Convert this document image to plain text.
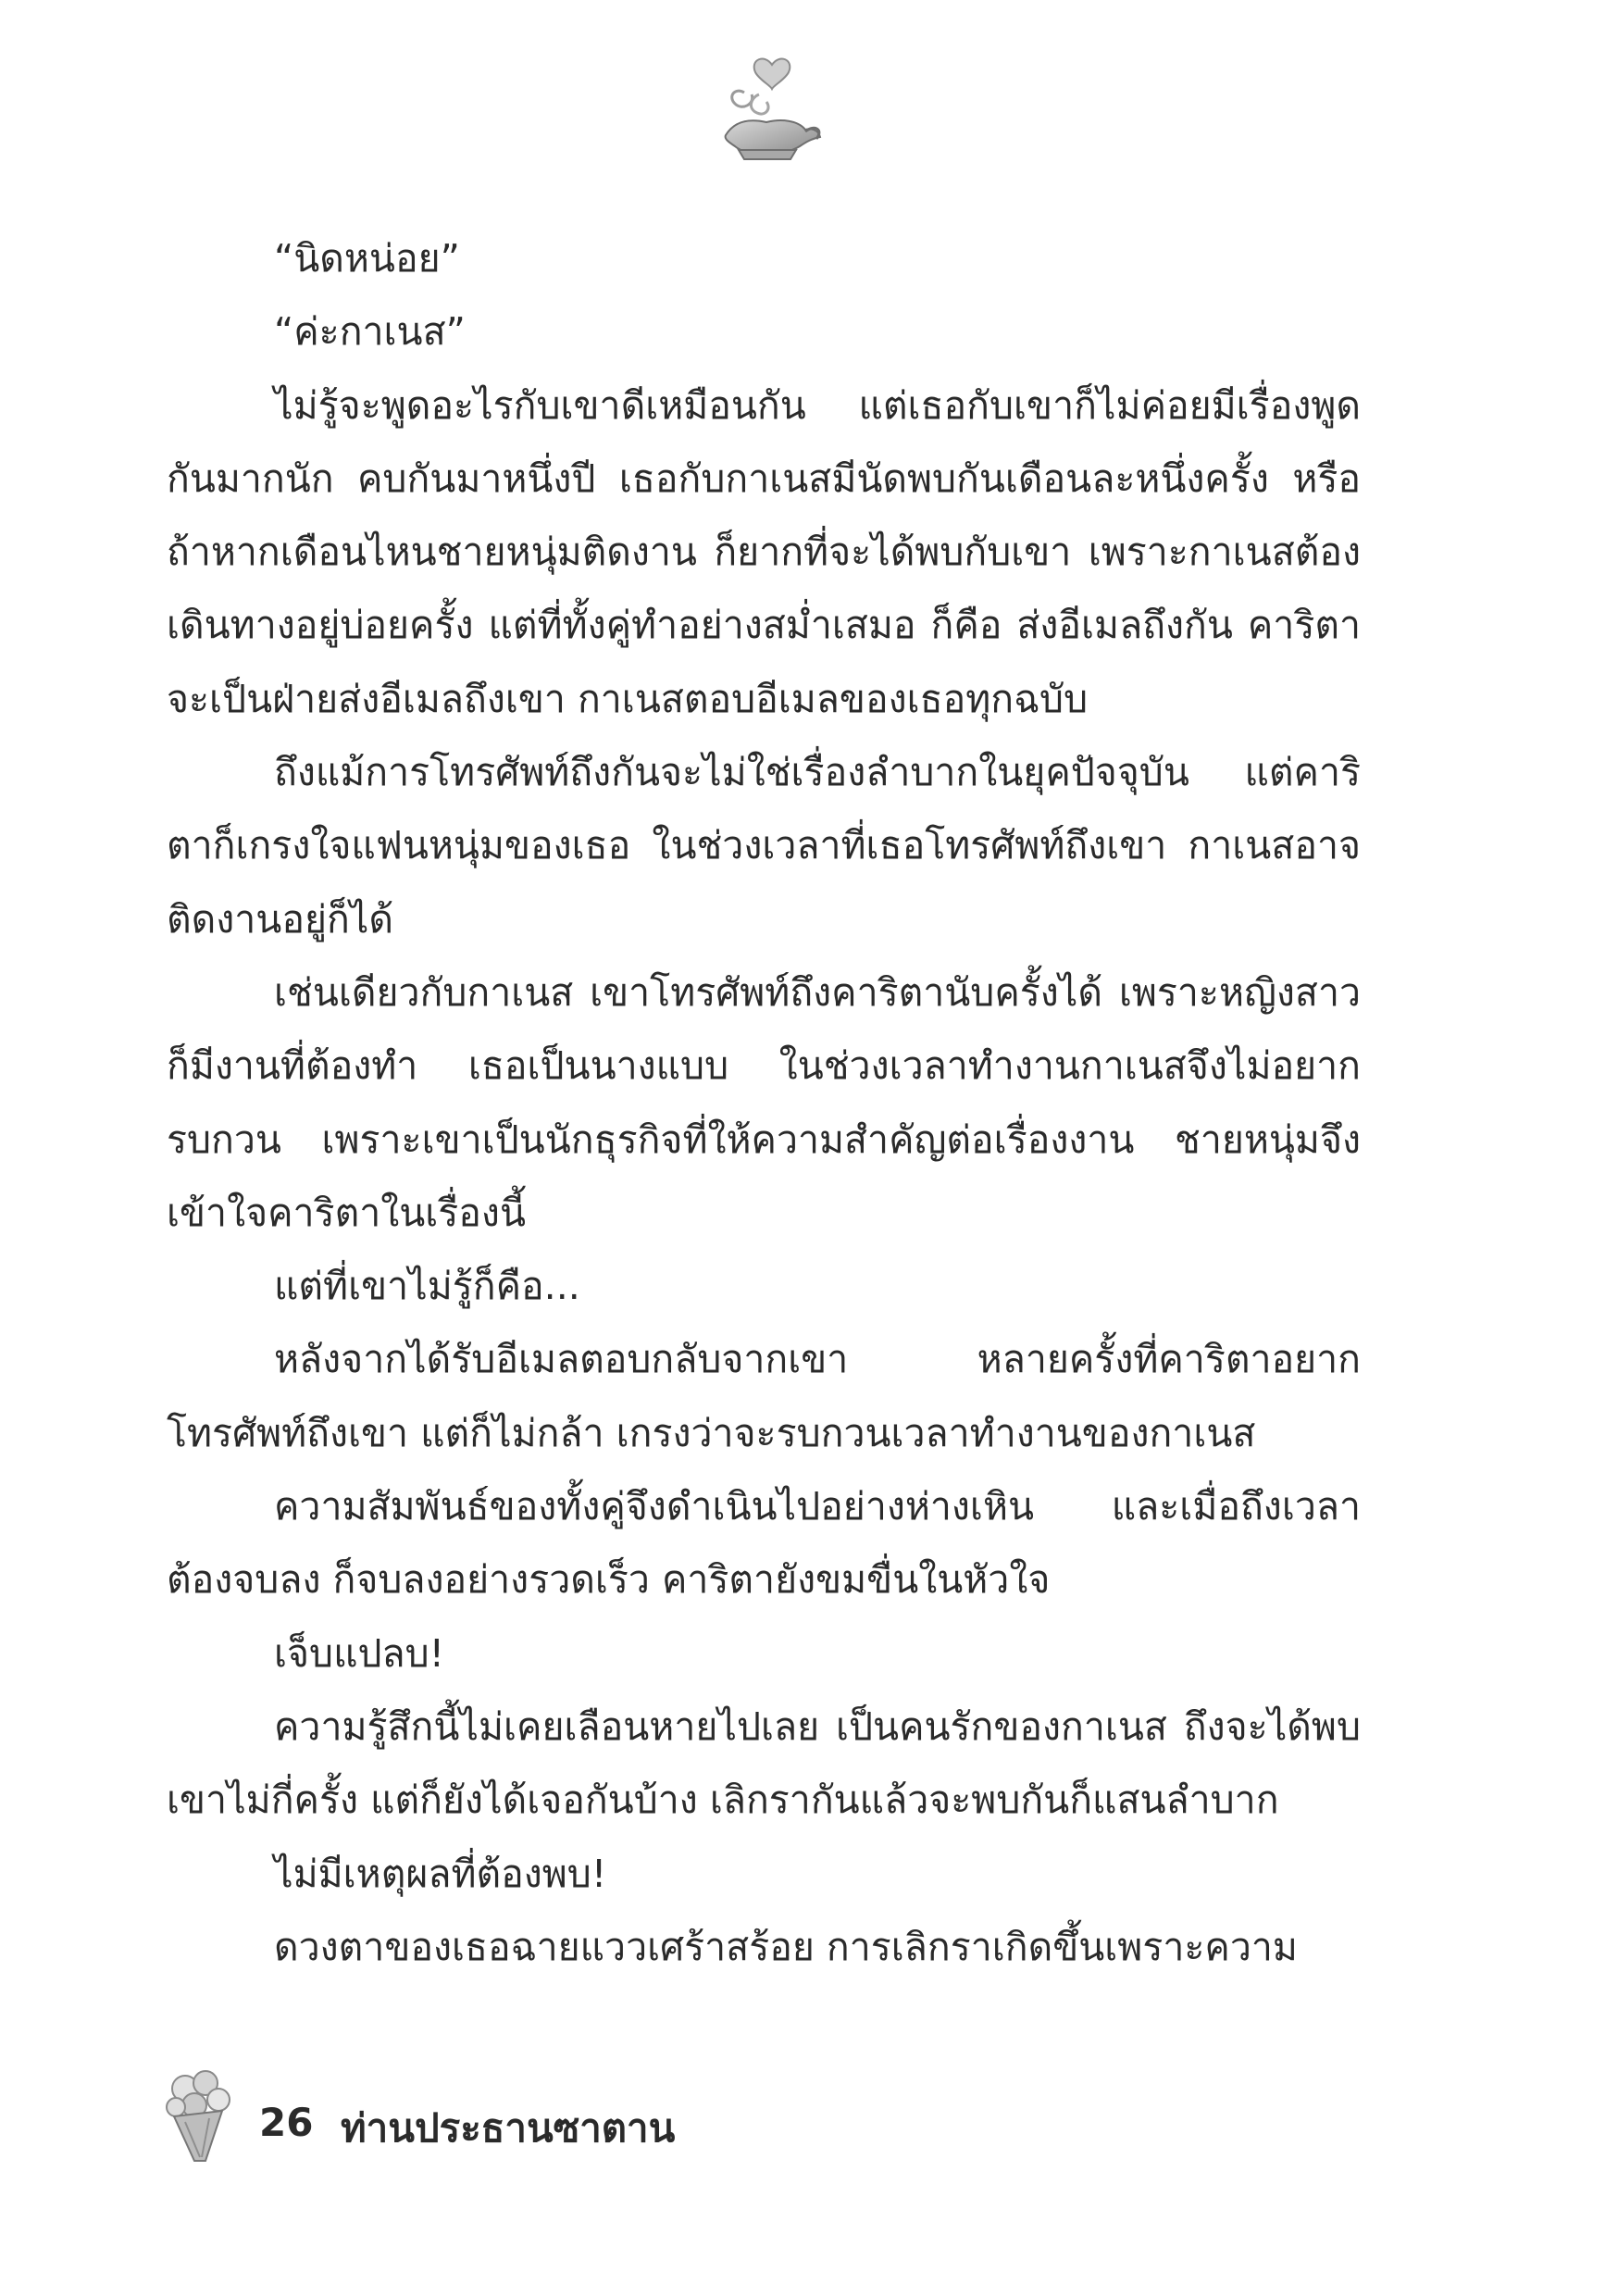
“นิดหน่อย”

“ค่ะกาเนส”

ไม่รู้จะพูดอะไรกับเขาดีเหมือนกัน แต่เธอกับเขาก็ไม่ค่อยมีเรื่องพูดกันมากนัก คบกันมาหนึ่งปี เธอกับกาเนสมีนัดพบกันเดือนละหนึ่งครั้ง หรือถ้าหากเดือนไหนชายหนุ่มติดงาน ก็ยากที่จะได้พบกับเขา เพราะกาเนสต้องเดินทางอยู่บ่อยครั้ง แต่ที่ทั้งคู่ทำอย่างสม่ำเสมอ ก็คือ ส่งอีเมลถึงกัน คาริตาจะเป็นฝ่ายส่งอีเมลถึงเขา กาเนสตอบอีเมลของเธอทุกฉบับ

ถึงแม้การโทรศัพท์ถึงกันจะไม่ใช่เรื่องลำบากในยุคปัจจุบัน แต่คาริตาก็เกรงใจแฟนหนุ่มของเธอ ในช่วงเวลาที่เธอโทรศัพท์ถึงเขา กาเนสอาจติดงานอยู่ก็ได้

เช่นเดียวกับกาเนส เขาโทรศัพท์ถึงคาริตานับครั้งได้ เพราะหญิงสาวก็มีงานที่ต้องทำ เธอเป็นนางแบบ ในช่วงเวลาทำงานกาเนสจึงไม่อยากรบกวน เพราะเขาเป็นนักธุรกิจที่ให้ความสำคัญต่อเรื่องงาน ชายหนุ่มจึงเข้าใจคาริตาในเรื่องนี้

แต่ที่เขาไม่รู้ก็คือ...

หลังจากได้รับอีเมลตอบกลับจากเขา หลายครั้งที่คาริตาอยากโทรศัพท์ถึงเขา แต่ก็ไม่กล้า เกรงว่าจะรบกวนเวลาทำงานของกาเนส

ความสัมพันธ์ของทั้งคู่จึงดำเนินไปอย่างห่างเหิน และเมื่อถึงเวลาต้องจบลง ก็จบลงอย่างรวดเร็ว คาริตายังขมขื่นในหัวใจ

เจ็บแปลบ!

ความรู้สึกนี้ไม่เคยเลือนหายไปเลย เป็นคนรักของกาเนส ถึงจะได้พบเขาไม่กี่ครั้ง แต่ก็ยังได้เจอกันบ้าง เลิกรากันแล้วจะพบกันก็แสนลำบาก

ไม่มีเหตุผลที่ต้องพบ!

ดวงตาของเธอฉายแววเศร้าสร้อย การเลิกราเกิดขึ้นเพราะความ

26 ท่านประธานซาตาน
